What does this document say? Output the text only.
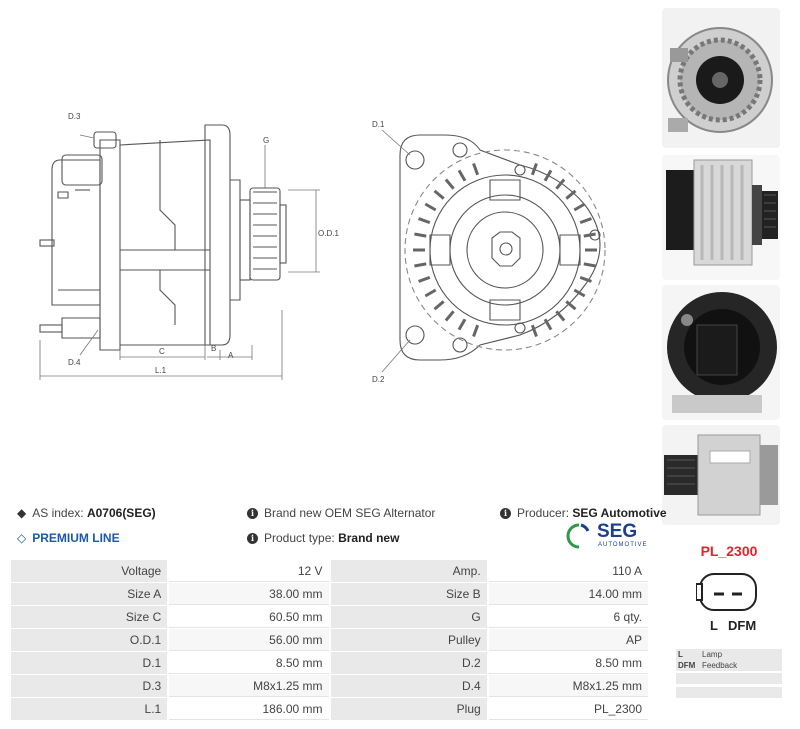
D.3
D.4
G
O.D.1
C	B
A
L.1
D.1
D.2
◆ AS index:
A0706(SEG)
◇ PREMIUM LINE
i Brand new OEM SEG Alternator
i Product type:
Brand new
i Producer:
SEG Automotive
SEG
AUTOMOTIVE
Voltage	12 V	Amp.	110 A
Size A	38.00 mm	Size B	14.00 mm
Size C	60.50 mm	G	6 qty.
O.D.1	56.00 mm	Pulley	AP
D.1	8.50 mm	D.2	8.50 mm
D.3	M8x1.25 mm	D.4	M8x1.25 mm
L.1	186.00 mm	Plug	PL_2300
PL_2300
L DFM
L Lamp
DFM Feedback
